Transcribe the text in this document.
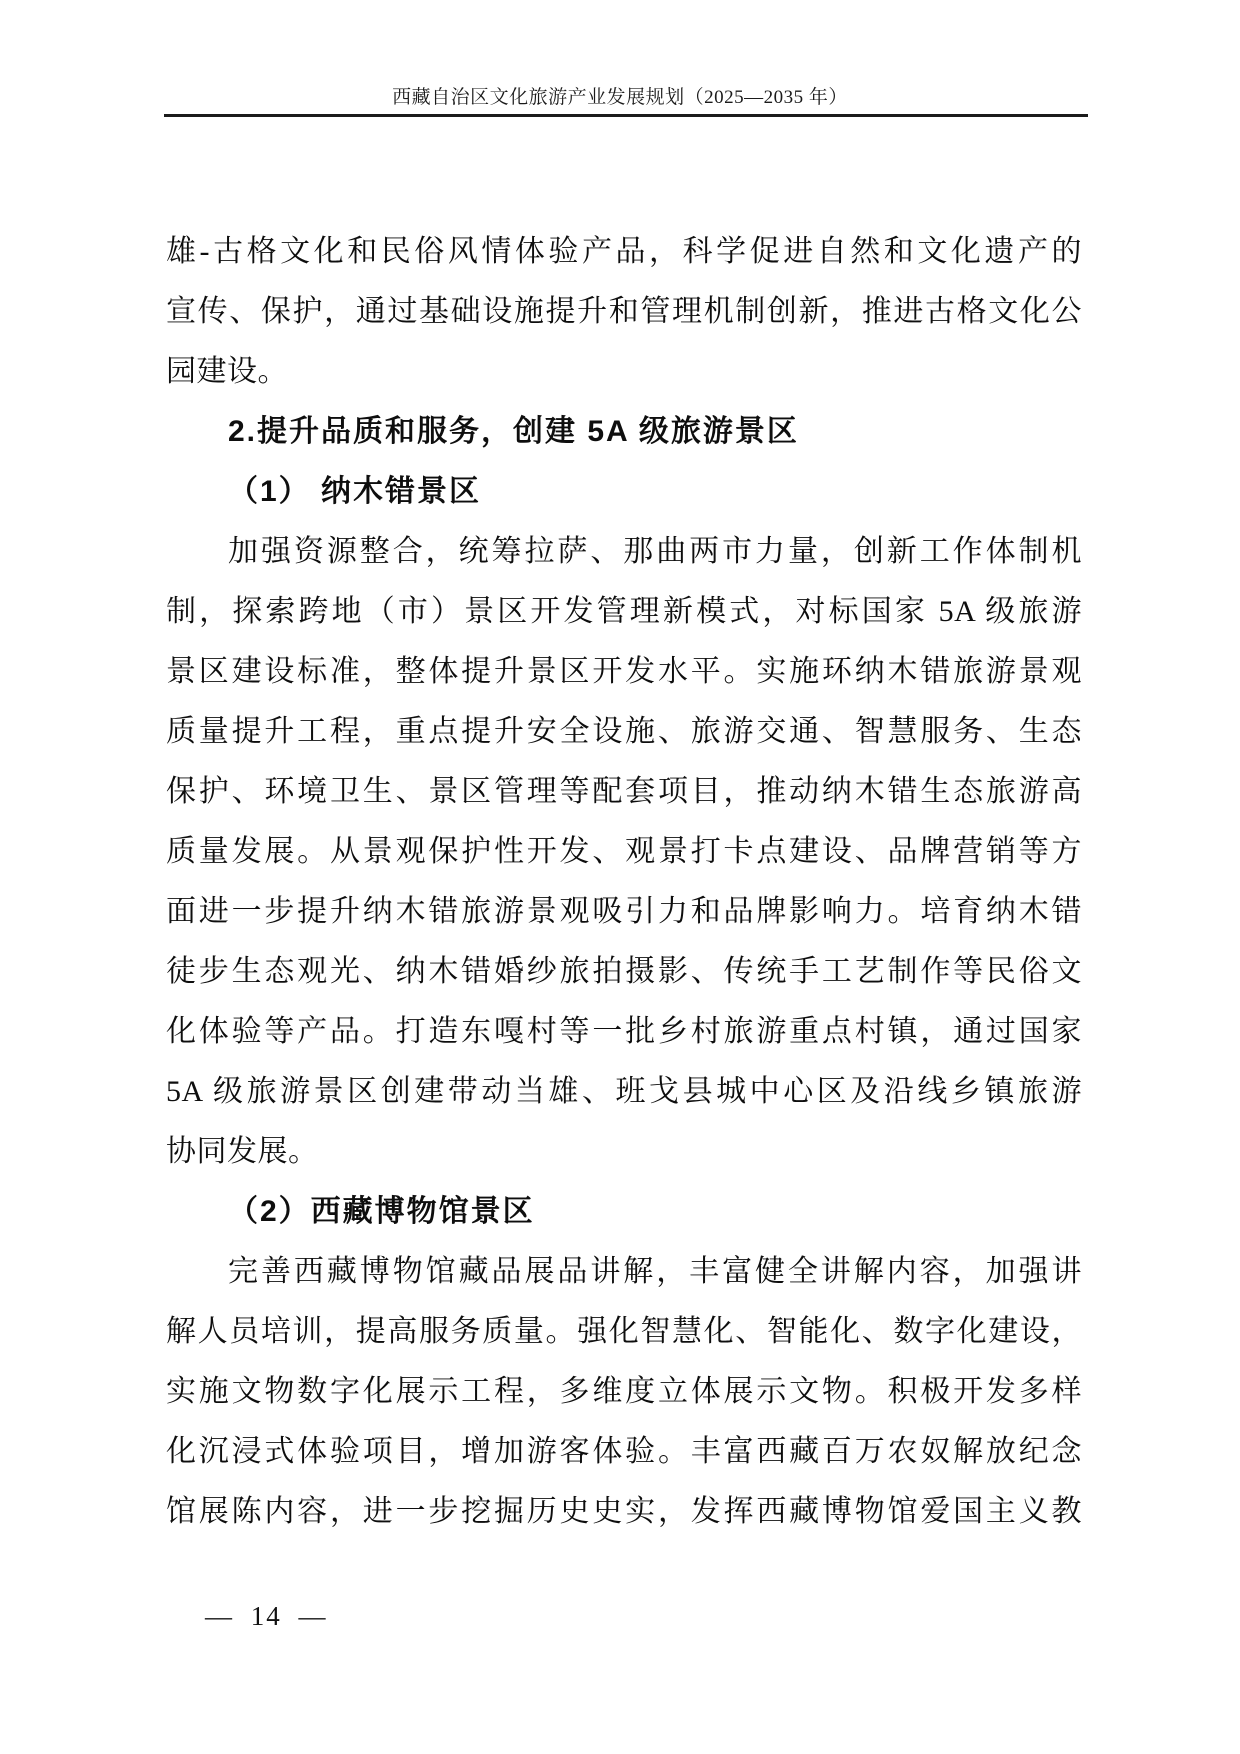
西藏自治区文化旅游产业发展规划（2025—2035 年）
雄-古格文化和民俗风情体验产品，科学促进自然和文化遗产的
宣传、保护，通过基础设施提升和管理机制创新，推进古格文化公
园建设。
2.提升品质和服务，创建 5A 级旅游景区
（1） 纳木错景区
加强资源整合，统筹拉萨、那曲两市力量，创新工作体制机
制，探索跨地（市）景区开发管理新模式，对标国家 5A 级旅游
景区建设标准，整体提升景区开发水平。实施环纳木错旅游景观
质量提升工程，重点提升安全设施、旅游交通、智慧服务、生态
保护、环境卫生、景区管理等配套项目，推动纳木错生态旅游高
质量发展。从景观保护性开发、观景打卡点建设、品牌营销等方
面进一步提升纳木错旅游景观吸引力和品牌影响力。培育纳木错
徒步生态观光、纳木错婚纱旅拍摄影、传统手工艺制作等民俗文
化体验等产品。打造东嘎村等一批乡村旅游重点村镇，通过国家
5A 级旅游景区创建带动当雄、班戈县城中心区及沿线乡镇旅游
协同发展。
（2）西藏博物馆景区
完善西藏博物馆藏品展品讲解，丰富健全讲解内容，加强讲
解人员培训，提高服务质量。强化智慧化、智能化、数字化建设，
实施文物数字化展示工程，多维度立体展示文物。积极开发多样
化沉浸式体验项目，增加游客体验。丰富西藏百万农奴解放纪念
馆展陈内容，进一步挖掘历史史实，发挥西藏博物馆爱国主义教
— 14 —
